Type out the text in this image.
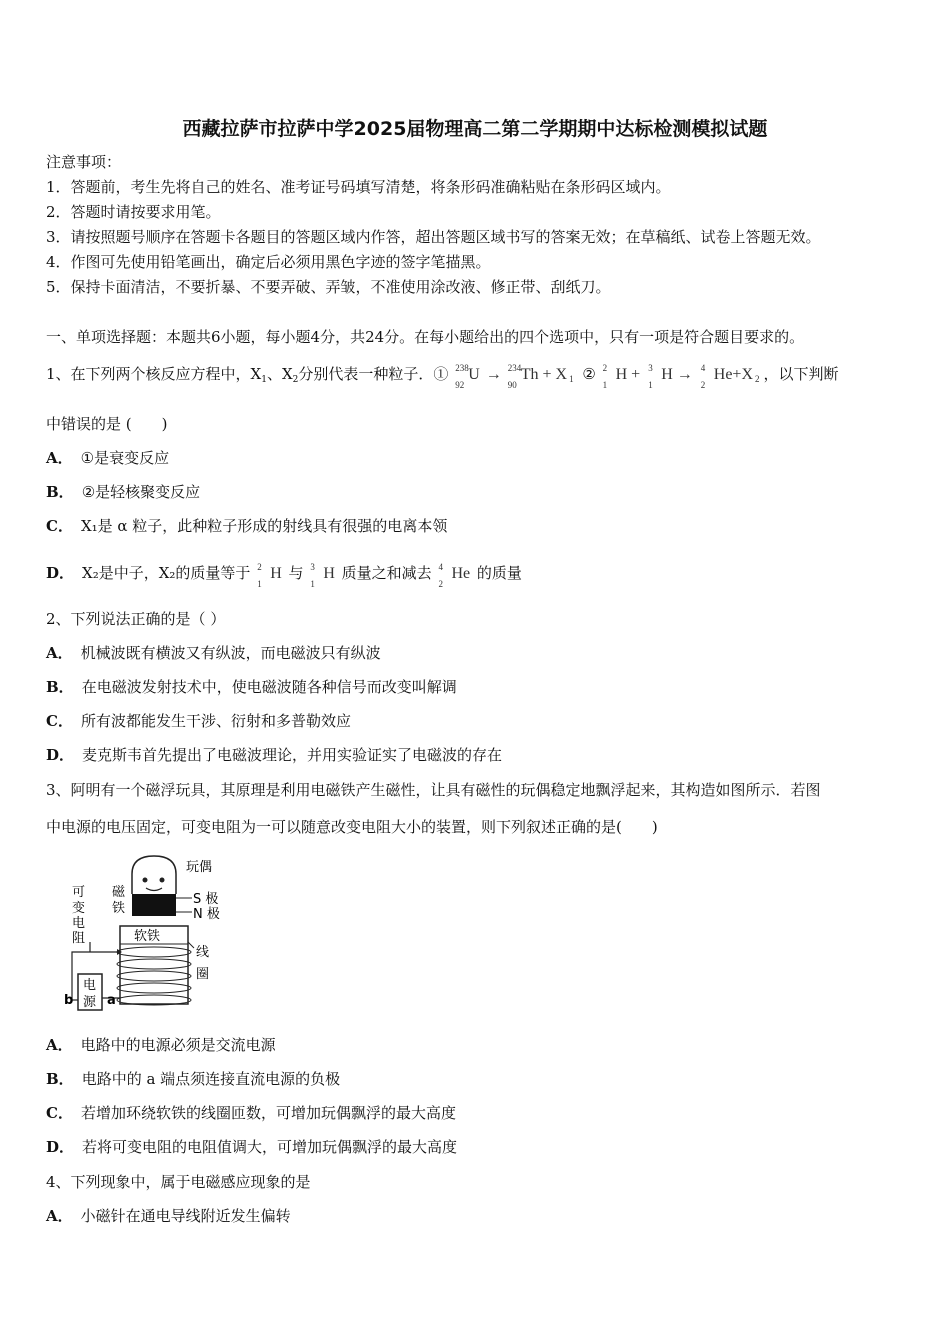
西藏拉萨市拉萨中学2025届物理高二第二学期期中达标检测模拟试题
注意事项：
1．答题前，考生先将自己的姓名、准考证号码填写清楚，将条形码准确粘贴在条形码区域内。
2．答题时请按要求用笔。
3．请按照题号顺序在答题卡各题目的答题区域内作答，超出答题区域书写的答案无效；在草稿纸、试卷上答题无效。
4．作图可先使用铅笔画出，确定后必须用黑色字迹的签字笔描黑。
5．保持卡面清洁，不要折暴、不要弄破、弄皱，不准使用涂改液、修正带、刮纸刀。
一、单项选择题：本题共6小题，每小题4分，共24分。在每小题给出的四个选项中，只有一项是符合题目要求的。
1、在下列两个核反应方程中，$X_1$、$X_2$分别代表一种粒子．① 238
92
U → 234
90
Th + X $_1$ ② 2
1
H + 3
1
H → 4
2
He+X $_2$ ，以下判断
中错误的是 (　　)
A． ①是衰变反应
B． ②是轻核聚变反应
C． X₁是 α 粒子，此种粒子形成的射线具有很强的电离本领
D． X₂是中子，X₂的质量等于 2
1
H 与 3
1
H 质量之和减去 4
2
He 的质量
2、下列说法正确的是（ ）
A． 机械波既有横波又有纵波，而电磁波只有纵波
B． 在电磁波发射技术中，使电磁波随各种信号而改变叫解调
C． 所有波都能发生干涉、衍射和多普勒效应
D． 麦克斯韦首先提出了电磁波理论，并用实验证实了电磁波的存在
3、阿明有一个磁浮玩具，其原理是利用电磁铁产生磁性，让具有磁性的玩偶稳定地飘浮起来，其构造如图所示．若图
中电源的电压固定，可变电阻为一可以随意改变电阻大小的装置，则下列叙述正确的是(　　)
玩偶
磁
铁
S 极
N 极
可
变
电
阻	软铁
线
圈
电
源
b	a
A． 电路中的电源必须是交流电源
B． 电路中的 a 端点须连接直流电源的负极
C． 若增加环绕软铁的线圈匝数，可增加玩偶飘浮的最大高度
D． 若将可变电阻的电阻值调大，可增加玩偶飘浮的最大高度
4、下列现象中，属于电磁感应现象的是
A． 小磁针在通电导线附近发生偏转
